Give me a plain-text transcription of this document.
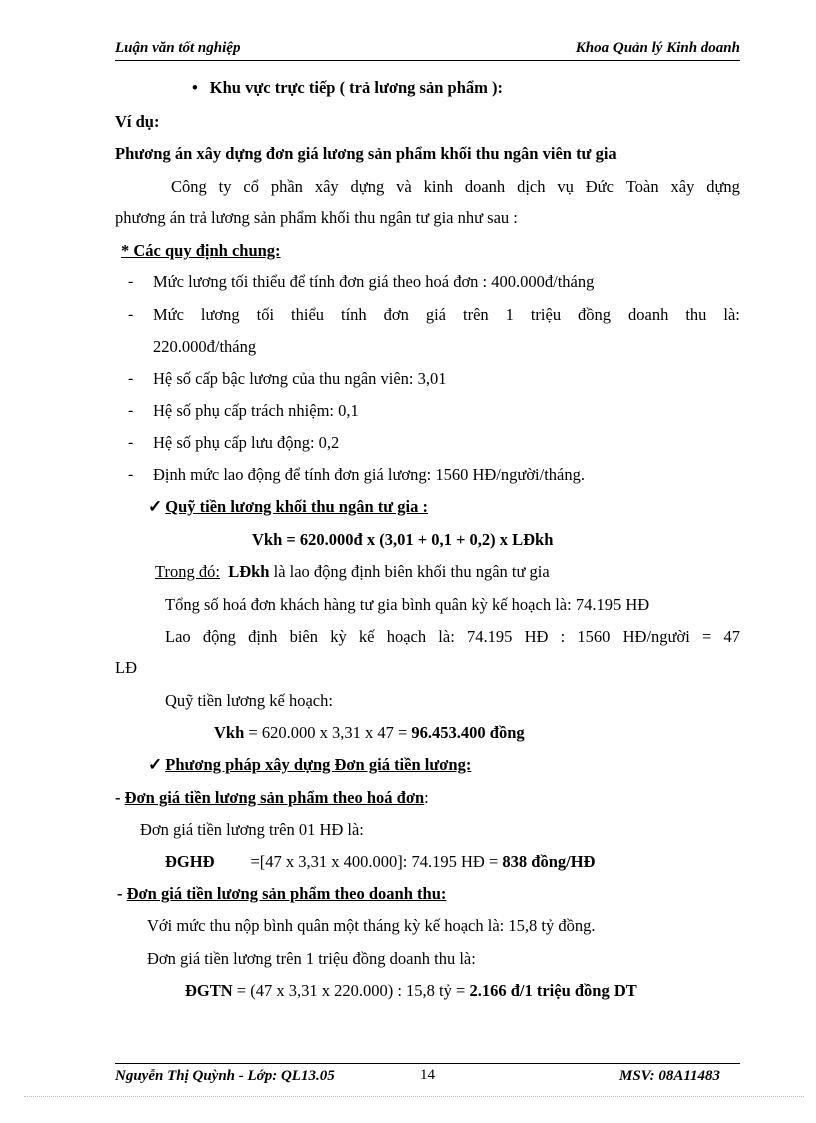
Luận văn tốt nghiệp	Khoa Quản lý Kinh doanh
• Khu vực trực tiếp ( trả lương sản phẩm ):
Ví dụ:
Phương án xây dựng đơn giá lương sản phẩm khối thu ngân viên tư gia
Công ty cổ phần xây dựng và kinh doanh dịch vụ Đức Toàn xây dựng
phương án trả lương sản phẩm khối thu ngân tư gia như sau :
* Các quy định chung:
- Mức lương tối thiểu để tính đơn giá theo hoá đơn : 400.000đ/tháng
- Mức lương tối thiểu tính đơn giá trên 1 triệu đồng doanh thu là:
220.000đ/tháng
- Hệ số cấp bậc lương của thu ngân viên: 3,01
- Hệ số phụ cấp trách nhiệm: 0,1
- Hệ số phụ cấp lưu động: 0,2
- Định mức lao động để tính đơn giá lương: 1560 HĐ/người/tháng.
✓ Quỹ tiền lương khối thu ngân tư gia :
Vkh = 620.000đ x (3,01 + 0,1 + 0,2) x LĐkh
Trong đó: LĐkh là lao động định biên khối thu ngân tư gia
Tổng số hoá đơn khách hàng tư gia bình quân kỳ kế hoạch là: 74.195 HĐ
Lao động định biên kỳ kế hoạch là: 74.195 HĐ : 1560 HĐ/người = 47
LĐ
Quỹ tiền lương kế hoạch:
Vkh = 620.000 x 3,31 x 47 = 96.453.400 đồng
✓ Phương pháp xây dựng Đơn giá tiền lương:
- Đơn giá tiền lương sản phẩm theo hoá đơn:
Đơn giá tiền lương trên 01 HĐ là:
ĐGHĐ =[47 x 3,31 x 400.000]: 74.195 HĐ = 838 đồng/HĐ
- Đơn giá tiền lương sản phẩm theo doanh thu:
Với mức thu nộp bình quân một tháng kỳ kế hoạch là: 15,8 tỷ đồng.
Đơn giá tiền lương trên 1 triệu đồng doanh thu là:
ĐGTN = (47 x 3,31 x 220.000) : 15,8 tỷ = 2.166 đ/1 triệu đồng DT
Nguyễn Thị Quỳnh - Lớp: QL13.05	14	MSV: 08A11483
